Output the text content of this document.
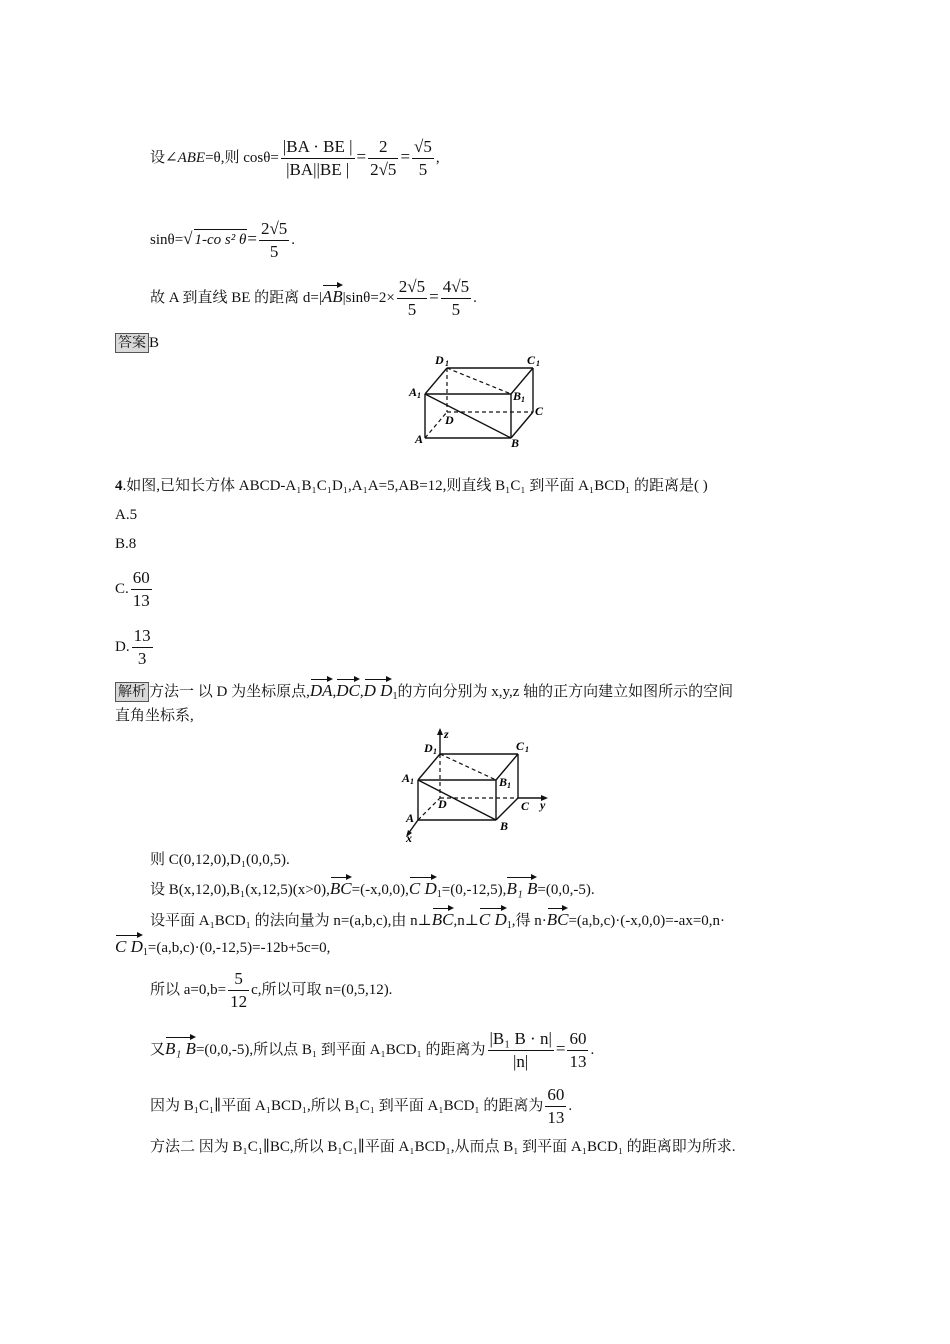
设∠ABE=θ,则 $\cos\theta= \frac{|BA \cdot BE |}{|BA||BE |} = \frac{2}{2√5} = \frac{√5}{5}$ ,
sinθ=√ 1-co s² $\theta= \frac{2√5}{5}$ .
故 A 到直线 BE 的距离 $d=|AB|\sin\theta=2\times \frac{2√5}{5} = \frac{4√5}{5}$ .
答案 B
D 1	C 1
A 1	B 1
D
C
A	B
4.如图,已知长方体 ABCD-A₁B₁C₁D₁,A₁A=5,AB=12,则直线 B₁C₁ 到平面 A₁BCD₁ 的距离是( )
A.5
B.8
C. $\frac{60}{13}$
D. $\frac{13}{3}$
解析 方法一 以 D 为坐标原点,DA,DC,D $D_1$的方向分别为 x,y,z 轴的正方向建立如图所示的空间
直角坐标系,
z
y
x
D 1	C 1
A 1	B 1
D	C
A
B
则 C(0,12,0),D₁(0,0,5).
设 B(x,12,0),B₁(x,12,5)(x>0),BC=(-x,0,0),C $D_1=(0,-12,5),B_1$ B=(0,0,-5).
设平面 A₁BCD₁ 的法向量为 n=(a,b,c),由 n⊥BC,n⊥C $D_1$,得 n·BC=(a,b,c)·(-x,0,0)=-ax=0,n·
C $D_1=(a,b,c)\cdot(0,-12,5)=-12b+5c=0$,
所以 $a=0,b= \frac{5}{12} c$,所以可取 n=(0,5,12).
又B₁ B=(0,0,-5),所以点 B₁ 到平面 A₁BCD₁ 的距离为 $\frac{\text{|B₁ B · n|}}{|n|} = \frac{60}{13}$ .
因为 B₁C₁∥平面 A₁BCD₁,所以 B₁C₁ 到平面 A₁BCD₁ 的距离为 $\frac{60}{13}$ .
方法二 因为 B₁C₁∥BC,所以 B₁C₁∥平面 A₁BCD₁,从而点 B₁ 到平面 A₁BCD₁ 的距离即为所求.
